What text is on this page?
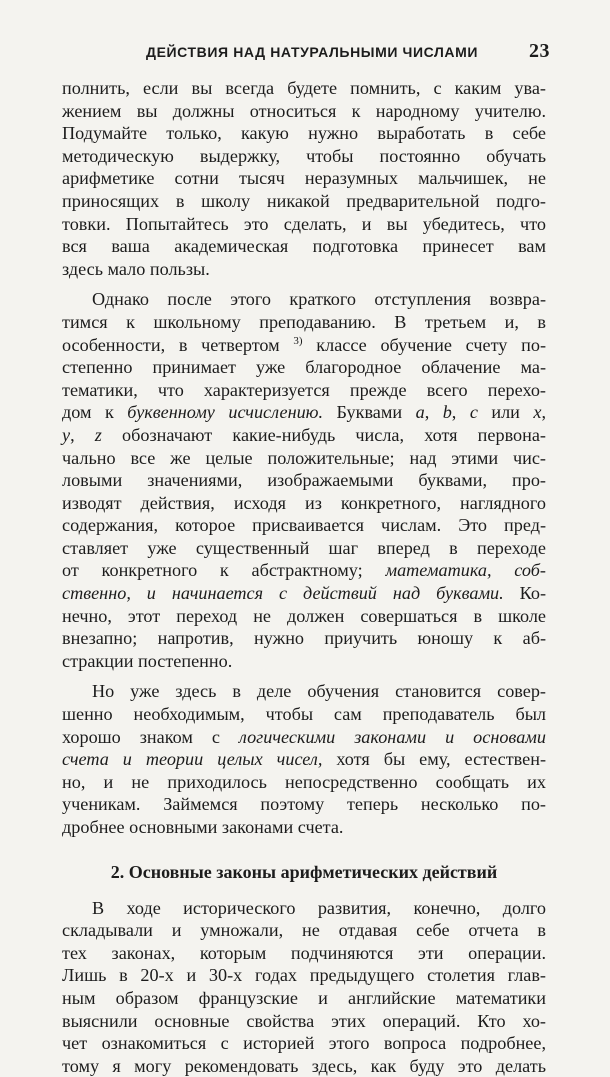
ДЕЙСТВИЯ НАД НАТУРАЛЬНЫМИ ЧИСЛАМИ	23
полнить, если вы всегда будете помнить, с каким ува-
жением вы должны относиться к народному учителю.
Подумайте только, какую нужно выработать в себе
методическую выдержку, чтобы постоянно обучать
арифметике сотни тысяч неразумных мальчишек, не
приносящих в школу никакой предварительной подго-
товки. Попытайтесь это сделать, и вы убедитесь, что
вся ваша академическая подготовка принесет вам
здесь мало пользы.
Однако после этого краткого отступления возвра-
тимся к школьному преподаванию. В третьем и, в
особенности, в четвертом $^{3)}$ классе обучение счету по-
степенно принимает уже благородное облачение ма-
тематики, что характеризуется прежде всего перехо-
дом к буквенному исчислению. Буквами a, b, c или x,
y, z обозначают какие-нибудь числа, хотя первона-
чально все же целые положительные; над этими чис-
ловыми значениями, изображаемыми буквами, про-
изводят действия, исходя из конкретного, наглядного
содержания, которое присваивается числам. Это пред-
ставляет уже существенный шаг вперед в переходе
от конкретного к абстрактному; математика, соб-
ственно, и начинается с действий над буквами. Ко-
нечно, этот переход не должен совершаться в школе
внезапно; напротив, нужно приучить юношу к аб-
стракции постепенно.
Но уже здесь в деле обучения становится совер-
шенно необходимым, чтобы сам преподаватель был
хорошо знаком с логическими законами и основами
счета и теории целых чисел, хотя бы ему, естествен-
но, и не приходилось непосредственно сообщать их
ученикам. Займемся поэтому теперь несколько по-
дробнее основными законами счета.
2. Основные законы арифметических действий
В ходе исторического развития, конечно, долго
складывали и умножали, не отдавая себе отчета в
тех законах, которым подчиняются эти операции.
Лишь в 20-х и 30-х годах предыдущего столетия глав-
ным образом французские и английские математики
выяснили основные свойства этих операций. Кто хо-
чет ознакомиться с историей этого вопроса подробнее,
тому я могу рекомендовать здесь, как буду это делать
